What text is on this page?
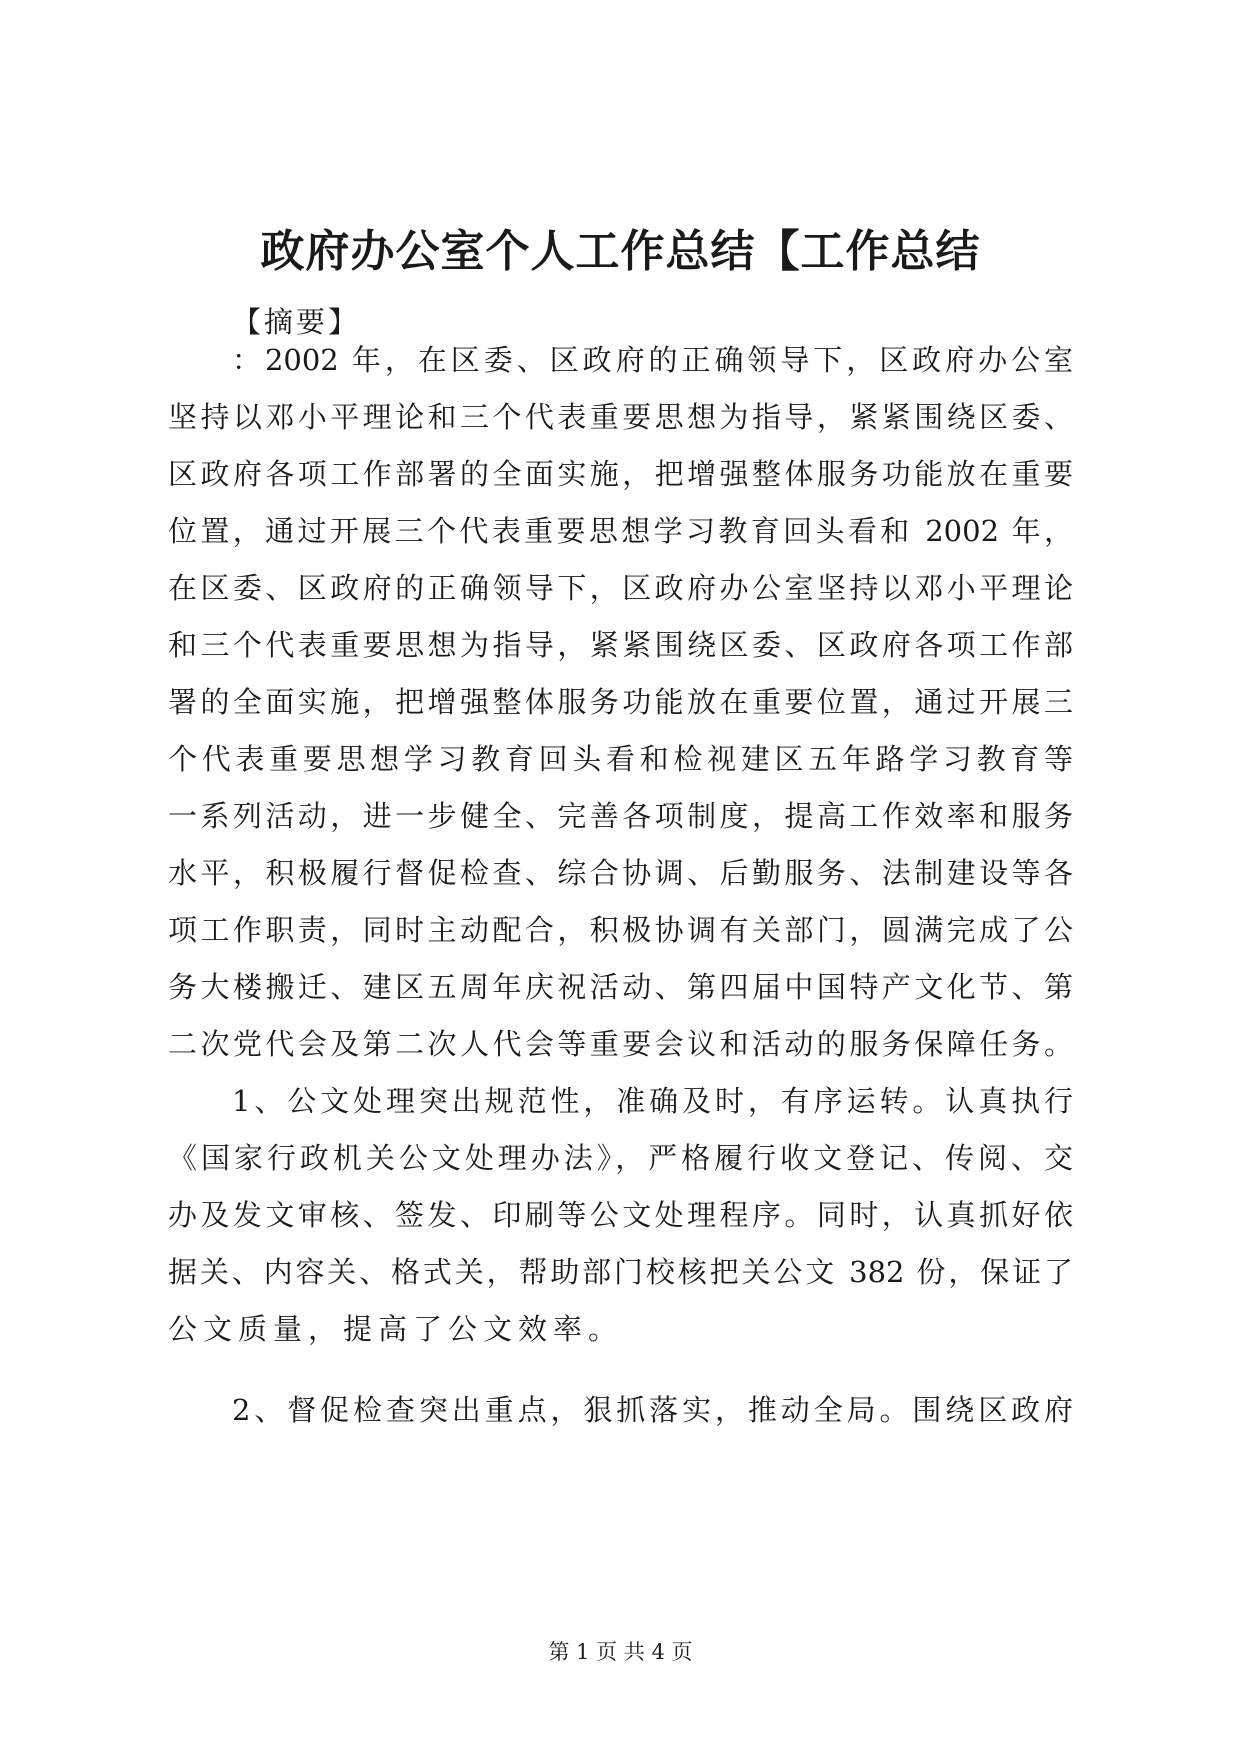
政府办公室个人工作总结【工作总结
【摘要】
：2002 年，在区委、区政府的正确领导下，区政府办公室
坚持以邓小平理论和三个代表重要思想为指导，紧紧围绕区委、
区政府各项工作部署的全面实施，把增强整体服务功能放在重要
位置，通过开展三个代表重要思想学习教育回头看和 2002 年，
在区委、区政府的正确领导下，区政府办公室坚持以邓小平理论
和三个代表重要思想为指导，紧紧围绕区委、区政府各项工作部
署的全面实施，把增强整体服务功能放在重要位置，通过开展三
个代表重要思想学习教育回头看和检视建区五年路学习教育等
一系列活动，进一步健全、完善各项制度，提高工作效率和服务
水平，积极履行督促检查、综合协调、后勤服务、法制建设等各
项工作职责，同时主动配合，积极协调有关部门，圆满完成了公
务大楼搬迁、建区五周年庆祝活动、第四届中国特产文化节、第
二次党代会及第二次人代会等重要会议和活动的服务保障任务。
1、公文处理突出规范性，准确及时，有序运转。认真执行
《国家行政机关公文处理办法》，严格履行收文登记、传阅、交
办及发文审核、签发、印刷等公文处理程序。同时，认真抓好依
据关、内容关、格式关，帮助部门校核把关公文 382 份，保证了
公文质量，提高了公文效率。
2、督促检查突出重点，狠抓落实，推动全局。围绕区政府
第 1 页 共 4 页
